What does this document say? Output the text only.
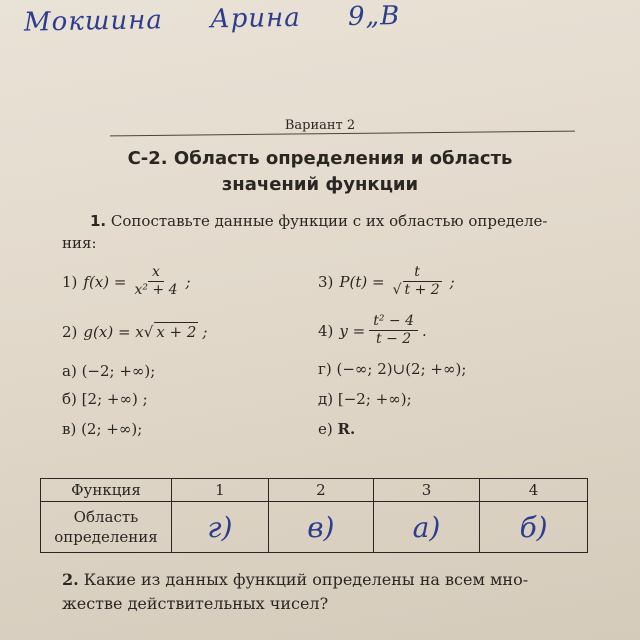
Мокшина Арина 9„В
Вариант 2
С-2. Область определения и область
значений функции
1. Сопоставьте данные функции с их областью определе-
ния:
1) $f(x) = \frac{x}{\text{x² + 4}}$ ;
2) g(x) = x √ x + 2 ;
3) $P(t) = \frac{t}{√ t + 2}$ ;
4) $y = \frac{\text{t² − 4}}{t - 2}$ .
а) (−2; +∞);
б) [2; +∞) ;
в) (2; +∞);
г) (−∞; 2)∪(2; +∞);
д) [−2; +∞);
е) R.
Функция	1	2	3	4

Область
определения	г)	в)	а)	б)
2. Какие из данных функций определены на всем мно-
жестве действительных чисел?
